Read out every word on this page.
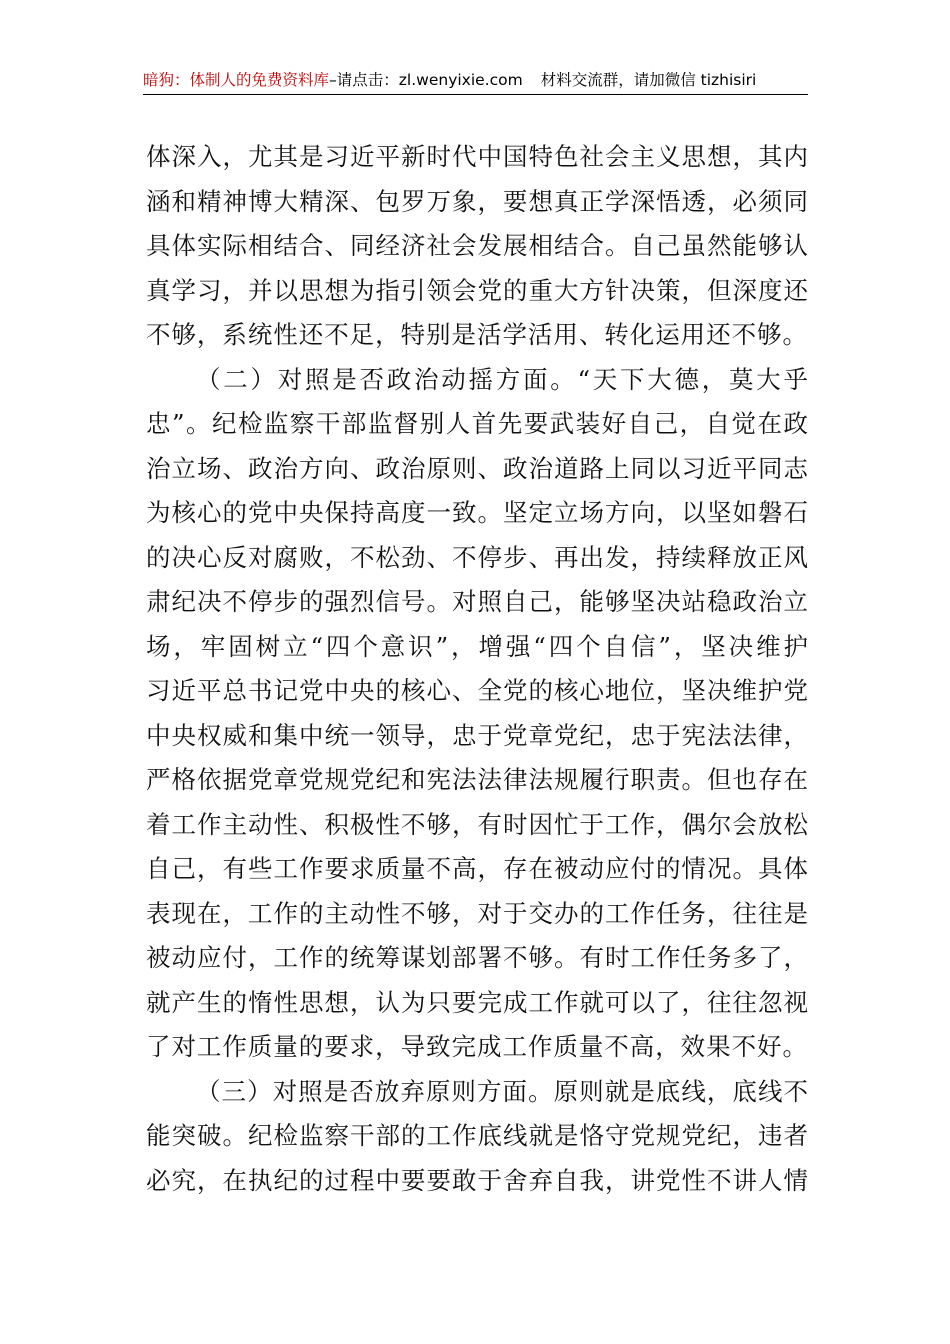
暗狗：体制人的免费资料库–请点击：zl.wenyixie.com 材料交流群，请加微信 tizhisiri
体深入，尤其是习近平新时代中国特色社会主义思想，其内
涵和精神博大精深、包罗万象，要想真正学深悟透，必须同
具体实际相结合、同经济社会发展相结合。自己虽然能够认
真学习，并以思想为指引领会党的重大方针决策，但深度还
不够，系统性还不足，特别是活学活用、转化运用还不够。
（二）对照是否政治动摇方面。“天下大德，莫大乎
忠”。纪检监察干部监督别人首先要武装好自己，自觉在政
治立场、政治方向、政治原则、政治道路上同以习近平同志
为核心的党中央保持高度一致。坚定立场方向，以坚如磐石
的决心反对腐败，不松劲、不停步、再出发，持续释放正风
肃纪决不停步的强烈信号。对照自己，能够坚决站稳政治立
场，牢固树立“四个意识”，增强“四个自信”，坚决维护
习近平总书记党中央的核心、全党的核心地位，坚决维护党
中央权威和集中统一领导，忠于党章党纪，忠于宪法法律，
严格依据党章党规党纪和宪法法律法规履行职责。但也存在
着工作主动性、积极性不够，有时因忙于工作，偶尔会放松
自己，有些工作要求质量不高，存在被动应付的情况。具体
表现在，工作的主动性不够，对于交办的工作任务，往往是
被动应付，工作的统筹谋划部署不够。有时工作任务多了，
就产生的惰性思想，认为只要完成工作就可以了，往往忽视
了对工作质量的要求，导致完成工作质量不高，效果不好。
（三）对照是否放弃原则方面。原则就是底线，底线不
能突破。纪检监察干部的工作底线就是恪守党规党纪，违者
必究，在执纪的过程中要要敢于舍弃自我，讲党性不讲人情
